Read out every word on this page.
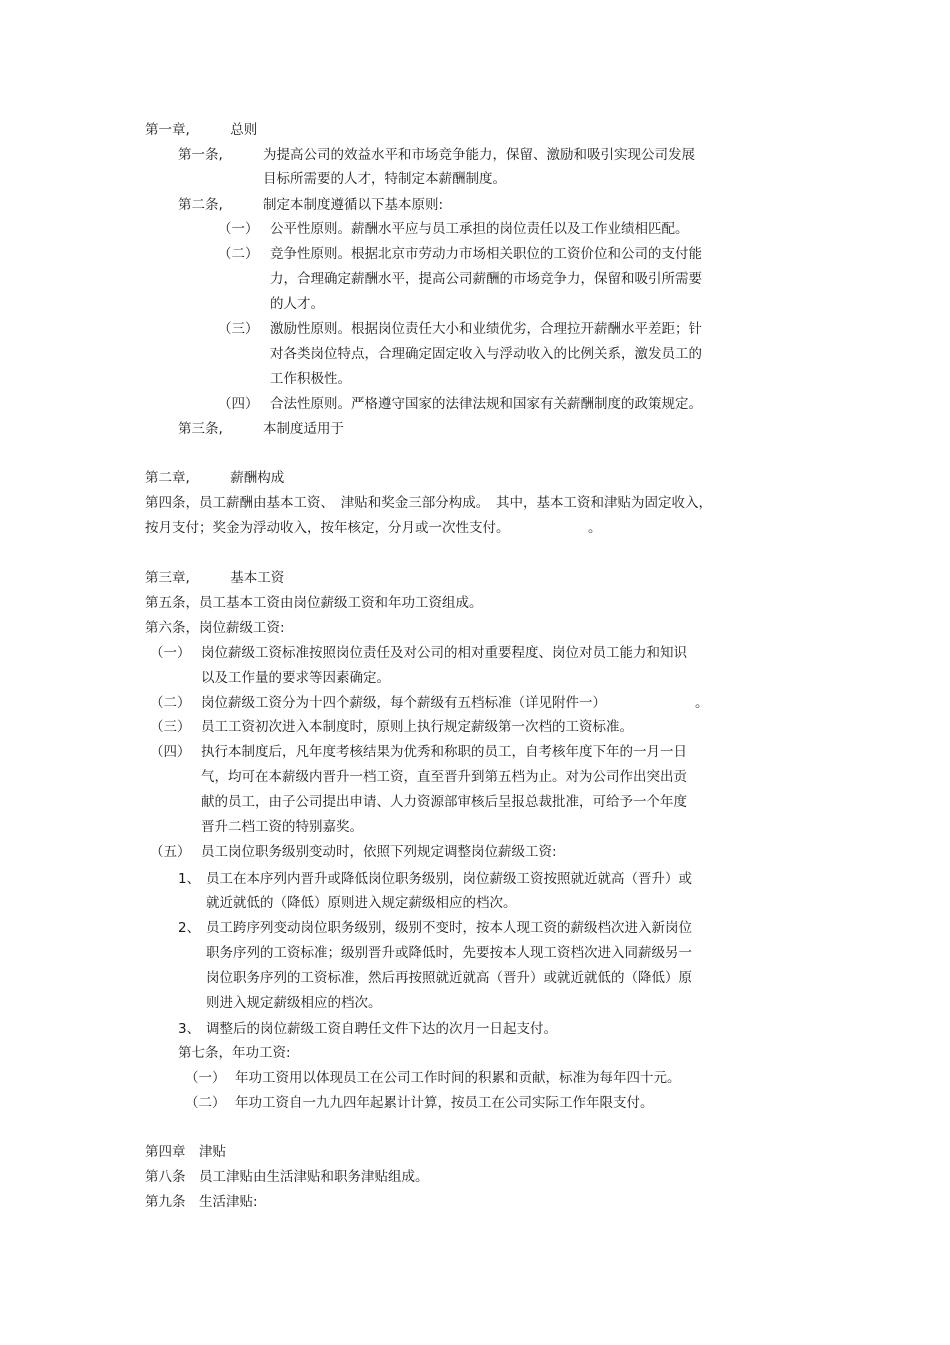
第一章,　　　总则
第一条,	为提高公司的效益水平和市场竞争能力，保留、激励和吸引实现公司发展
目标所需要的人才，特制定本薪酬制度。
第二条,	制定本制度遵循以下基本原则:
（一） 公平性原则。薪酬水平应与员工承担的岗位责任以及工作业绩相匹配。
（二） 竞争性原则。根据北京市劳动力市场相关职位的工资价位和公司的支付能
力，合理确定薪酬水平，提高公司薪酬的市场竞争力，保留和吸引所需要
的人才。
（三） 激励性原则。根据岗位责任大小和业绩优劣，合理拉开薪酬水平差距；针
对各类岗位特点，合理确定固定收入与浮动收入的比例关系，激发员工的
工作积极性。
（四） 合法性原则。严格遵守国家的法律法规和国家有关薪酬制度的政策规定。
第三条,	本制度适用于
第二章,　　　薪酬构成
第四条，员工薪酬由基本工资、　津贴和奖金三部分构成。　其中，基本工资和津贴为固定收入，
按月支付；奖金为浮动收入，按年核定，分月或一次性支付。	。
第三章,　　　基本工资
第五条，员工基本工资由岗位薪级工资和年功工资组成。
第六条，岗位薪级工资:
（一） 岗位薪级工资标准按照岗位责任及对公司的相对重要程度、岗位对员工能力和知识
以及工作量的要求等因素确定。
（二） 岗位薪级工资分为十四个薪级，每个薪级有五档标准（详见附件一）	。
（三） 员工工资初次进入本制度时，原则上执行规定薪级第一次档的工资标准。
（四） 执行本制度后，凡年度考核结果为优秀和称职的员工，自考核年度下年的一月一日
气，均可在本薪级内晋升一档工资，直至晋升到第五档为止。对为公司作出突出贡
献的员工，由子公司提出申请、人力资源部审核后呈报总裁批准，可给予一个年度
晋升二档工资的特别嘉奖。
（五） 员工岗位职务级别变动时，依照下列规定调整岗位薪级工资:
1、 员工在本序列内晋升或降低岗位职务级别，岗位薪级工资按照就近就高（晋升）或
就近就低的（降低）原则进入规定薪级相应的档次。
2、 员工跨序列变动岗位职务级别，级别不变时，按本人现工资的薪级档次进入新岗位
职务序列的工资标准；级别晋升或降低时，先要按本人现工资档次进入同薪级另一
岗位职务序列的工资标准，然后再按照就近就高（晋升）或就近就低的（降低）原
则进入规定薪级相应的档次。
3、 调整后的岗位薪级工资自聘任文件下达的次月一日起支付。
第七条，年功工资:
（一） 年功工资用以体现员工在公司工作时间的积累和贡献，标准为每年四十元。
（二） 年功工资自一九九四年起累计计算，按员工在公司实际工作年限支付。
第四章　津贴
第八条　员工津贴由生活津贴和职务津贴组成。
第九条　生活津贴:
